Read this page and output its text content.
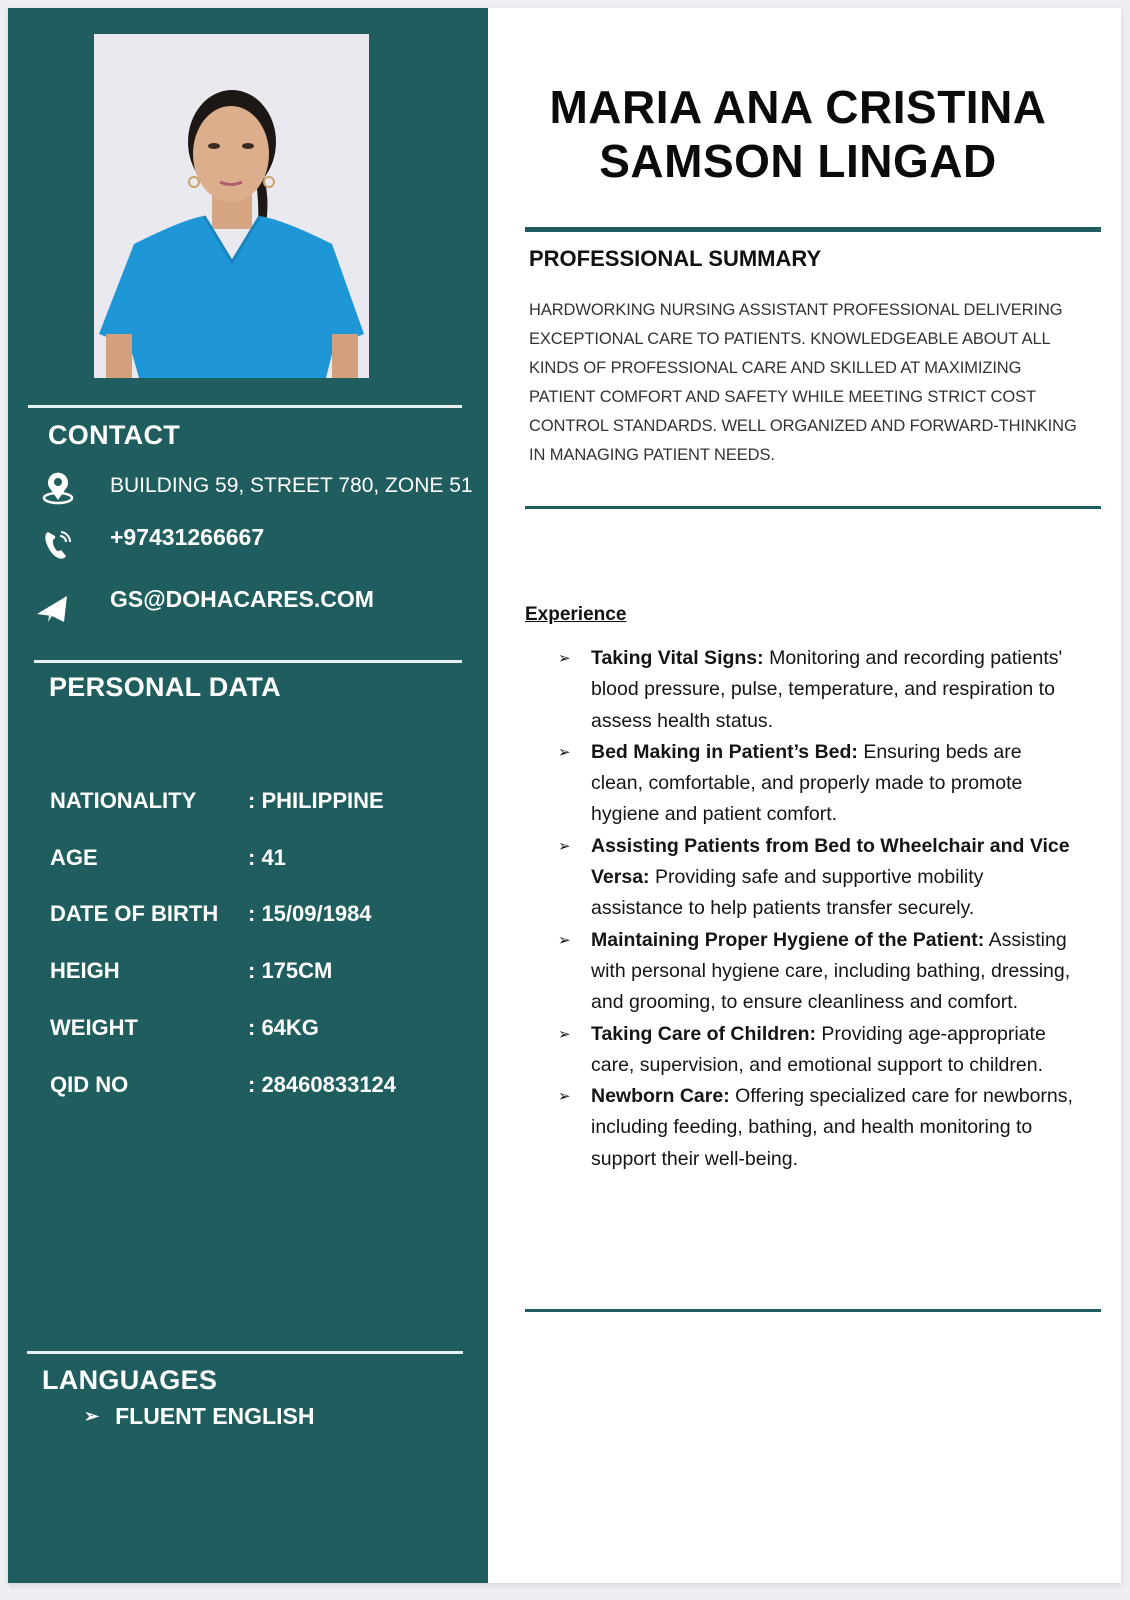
CONTACT
BUILDING 59, STREET 780, ZONE 51
+97431266667
GS@DOHACARES.COM
PERSONAL DATA
NATIONALITY : PHILIPPINE
AGE	: 41
DATE OF BIRTH : 15/09/1984
HEIGH	: 175CM
WEIGHT	: 64KG
QID NO	: 28460833124
LANGUAGES
➢ FLUENT ENGLISH
MARIA ANA CRISTINA
SAMSON LINGAD
PROFESSIONAL SUMMARY

HARDWORKING NURSING ASSISTANT PROFESSIONAL DELIVERING EXCEPTIONAL CARE TO PATIENTS. KNOWLEDGEABLE ABOUT ALL KINDS OF PROFESSIONAL CARE AND SKILLED AT MAXIMIZING PATIENT COMFORT AND SAFETY WHILE MEETING STRICT COST CONTROL STANDARDS. WELL ORGANIZED AND FORWARD-THINKING IN MANAGING PATIENT NEEDS.

Experience
➢ Taking Vital Signs: Monitoring and recording patients' blood pressure, pulse, temperature, and respiration to assess health status.
➢ Bed Making in Patient’s Bed: Ensuring beds are clean, comfortable, and properly made to promote hygiene and patient comfort.
➢ Assisting Patients from Bed to Wheelchair and Vice Versa: Providing safe and supportive mobility assistance to help patients transfer securely.
➢ Maintaining Proper Hygiene of the Patient: Assisting with personal hygiene care, including bathing, dressing, and grooming, to ensure cleanliness and comfort.
➢ Taking Care of Children: Providing age-appropriate care, supervision, and emotional support to children.
➢ Newborn Care: Offering specialized care for newborns, including feeding, bathing, and health monitoring to support their well-being.
